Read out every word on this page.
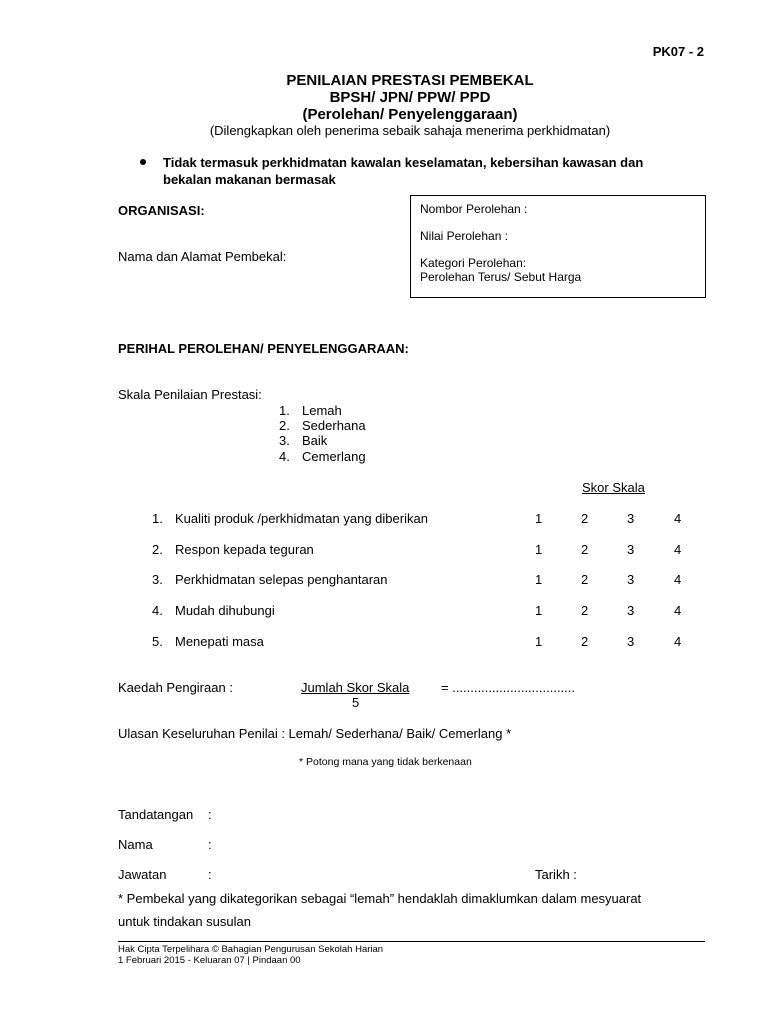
PK07 - 2
PENILAIAN PRESTASI PEMBEKAL
BPSH/ JPN/ PPW/ PPD
(Perolehan/ Penyelenggaraan)
(Dilengkapkan oleh penerima sebaik sahaja menerima perkhidmatan)
Tidak termasuk perkhidmatan kawalan keselamatan, kebersihan kawasan dan
bekalan makanan bermasak
ORGANISASI:
Nama dan Alamat Pembekal:
Nombor Perolehan :
Nilai Perolehan :
Kategori Perolehan:
Perolehan Terus/ Sebut Harga
PERIHAL PEROLEHAN/ PENYELENGGARAAN:
Skala Penilaian Prestasi:
1. Lemah
2. Sederhana
3. Baik
4. Cemerlang
Skor Skala
1. Kualiti produk /perkhidmatan yang diberikan	1	2	3	4
2. Respon kepada teguran	1	2	3	4
3. Perkhidmatan selepas penghantaran	1	2	3	4
4. Mudah dihubungi	1	2	3	4
5. Menepati masa	1	2	3	4
Kaedah Pengiraan :	Jumlah Skor Skala = ..................................
5
Ulasan Keseluruhan Penilai : Lemah/ Sederhana/ Baik/ Cemerlang *
* Potong mana yang tidak berkenaan
Tandatangan :
Nama	:
Jawatan	:	Tarikh :
* Pembekal yang dikategorikan sebagai “lemah” hendaklah dimaklumkan dalam mesyuarat
untuk tindakan susulan
Hak Cipta Terpelihara © Bahagian Pengurusan Sekolah Harian
1 Februari 2015 - Keluaran 07 | Pindaan 00
